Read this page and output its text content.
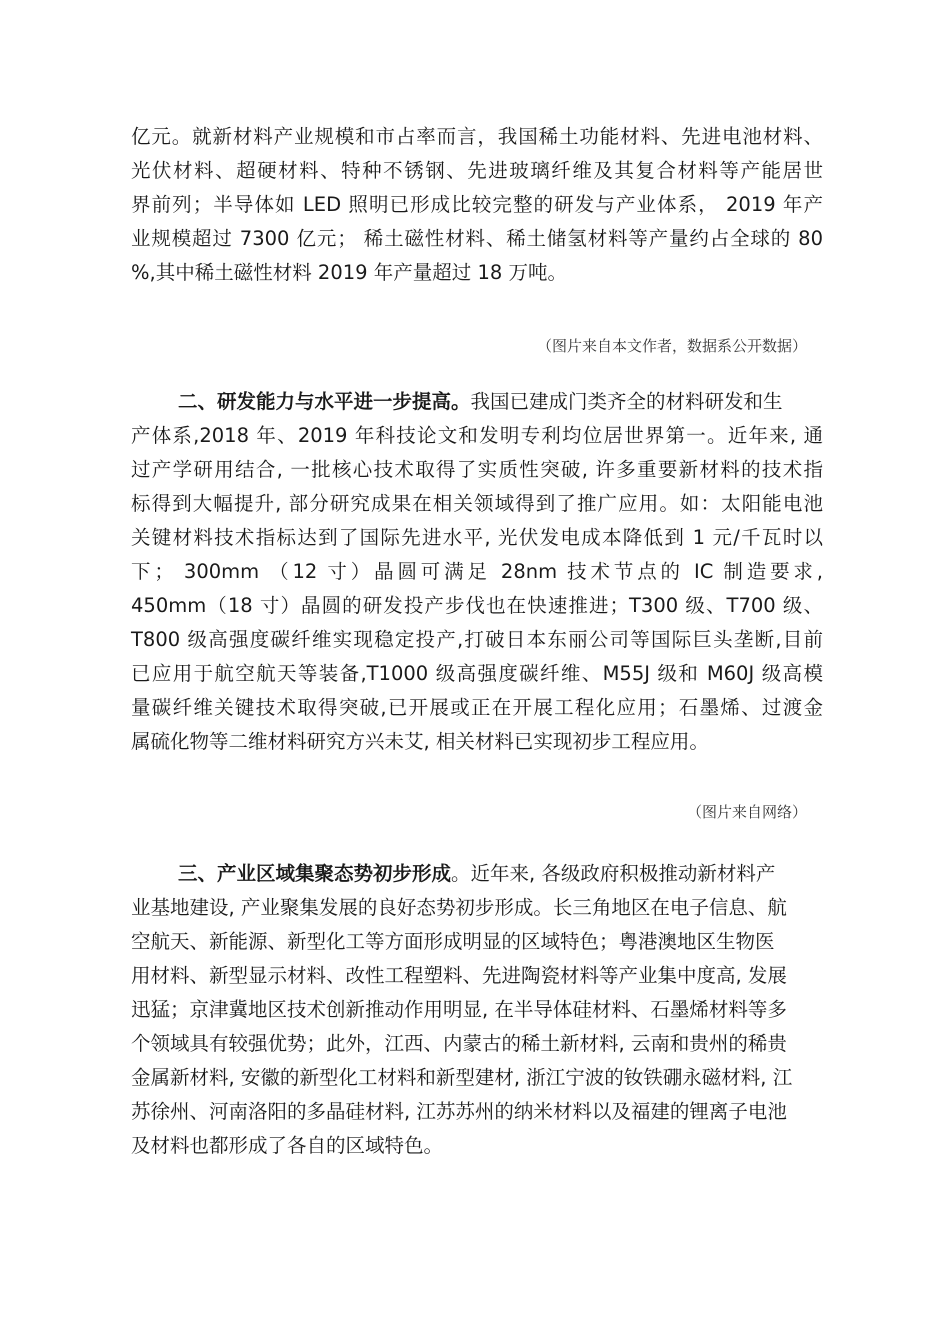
亿元。就新材料产业规模和市占率而言，我国稀土功能材料、先进电池材料、
光伏材料、超硬材料、特种不锈钢、先进玻璃纤维及其复合材料等产能居世
界前列；半导体如 LED 照明已形成比较完整的研发与产业体系， 2019 年产
业规模超过 7300 亿元； 稀土磁性材料、稀土储氢材料等产量约占全球的 80
%,其中稀土磁性材料 2019 年产量超过 18 万吨。
（图片来自本文作者，数据系公开数据）
二、研发能力与水平进一步提高。我国已建成门类齐全的材料研发和生
产体系,2018 年、2019 年科技论文和发明专利均位居世界第一。近年来, 通
过产学研用结合, 一批核心技术取得了实质性突破, 许多重要新材料的技术指
标得到大幅提升, 部分研究成果在相关领域得到了推广应用。如：太阳能电池
关键材料技术指标达到了国际先进水平, 光伏发电成本降低到 1 元/千瓦时以
下； 300mm （12 寸）晶圆可满足 28nm 技术节点的 IC 制造要求,
450mm（18 寸）晶圆的研发投产步伐也在快速推进；T300 级、T700 级、
T800 级高强度碳纤维实现稳定投产,打破日本东丽公司等国际巨头垄断,目前
已应用于航空航天等装备,T1000 级高强度碳纤维、M55J 级和 M60J 级高模
量碳纤维关键技术取得突破,已开展或正在开展工程化应用；石墨烯、过渡金
属硫化物等二维材料研究方兴未艾, 相关材料已实现初步工程应用。
（图片来自网络）
三、产业区域集聚态势初步形成。近年来, 各级政府积极推动新材料产
业基地建设, 产业聚集发展的良好态势初步形成。长三角地区在电子信息、航
空航天、新能源、新型化工等方面形成明显的区域特色；粤港澳地区生物医
用材料、新型显示材料、改性工程塑料、先进陶瓷材料等产业集中度高, 发展
迅猛；京津冀地区技术创新推动作用明显, 在半导体硅材料、石墨烯材料等多
个领域具有较强优势；此外，江西、内蒙古的稀土新材料, 云南和贵州的稀贵
金属新材料, 安徽的新型化工材料和新型建材, 浙江宁波的钕铁硼永磁材料, 江
苏徐州、河南洛阳的多晶硅材料, 江苏苏州的纳米材料以及福建的锂离子电池
及材料也都形成了各自的区域特色。
